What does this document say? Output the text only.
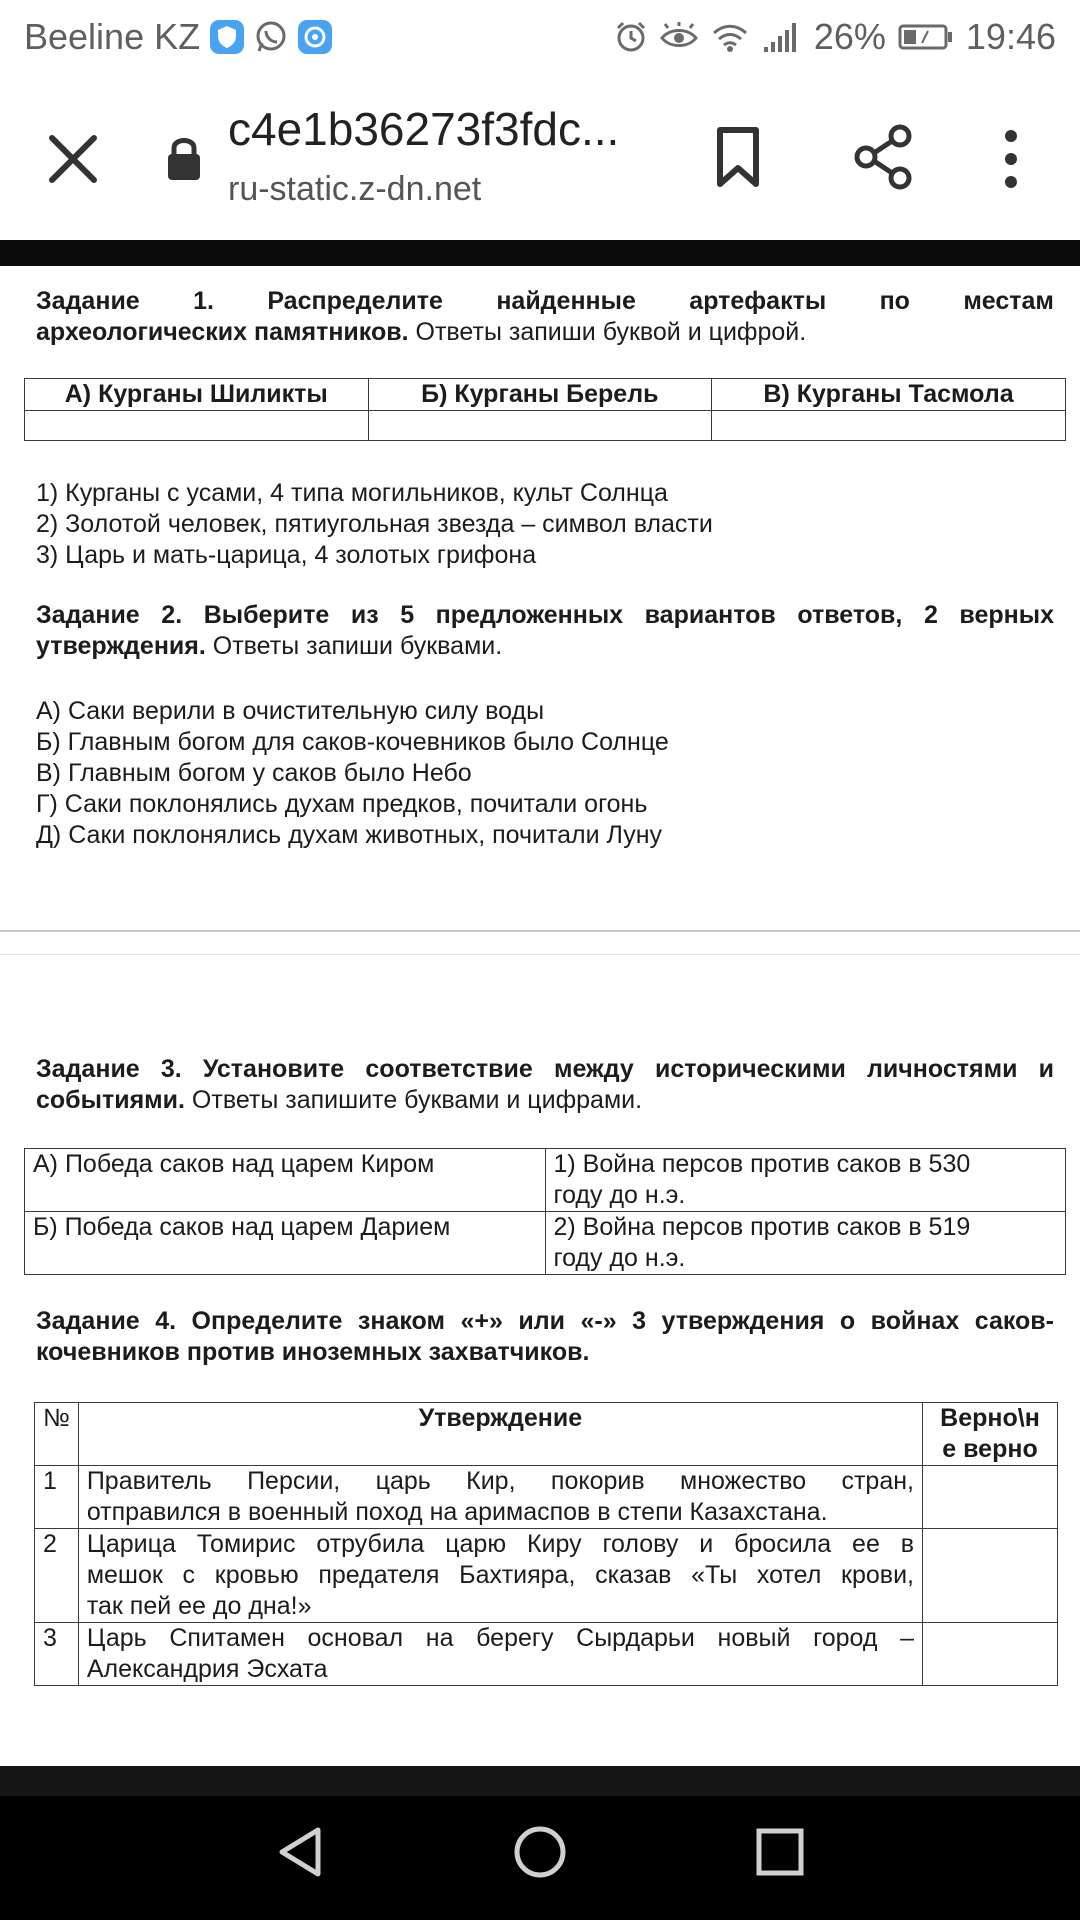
Beeline KZ	26% 19:46
c4e1b36273f3fdc...
ru-static.z-dn.net
Задание 1. Распределите найденные артефакты по местам
археологических памятников. Ответы запиши буквой и цифрой.
А) Курганы Шиликты	Б) Курганы Берель	В) Курганы Тасмола

1) Курганы с усами, 4 типа могильников, культ Солнца
2) Золотой человек, пятиугольная звезда – символ власти
3) Царь и мать-царица, 4 золотых грифона
Задание 2. Выберите из 5 предложенных вариантов ответов, 2 верных
утверждения. Ответы запиши буквами.
А) Саки верили в очистительную силу воды
Б) Главным богом для саков-кочевников было Солнце
В) Главным богом у саков было Небо
Г) Саки поклонялись духам предков, почитали огонь
Д) Саки поклонялись духам животных, почитали Луну
Задание 3. Установите соответствие между историческими личностями и
событиями. Ответы запишите буквами и цифрами.
А) Победа саков над царем Киром	1) Война персов против саков в 530
году до н.э.

Б) Победа саков над царем Дарием	2) Война персов против саков в 519
году до н.э.
Задание 4. Определите знаком «+» или «-» 3 утверждения о войнах саков-
кочевников против иноземных захватчиков.
№	Утверждение	Верно\н
е верно

1	Правитель Персии, царь Кир, покорив множество стран,
отправился в военный поход на аримаспов в степи Казахстана.	

2	Царица Томирис отрубила царю Киру голову и бросила ее в
мешок с кровью предателя Бахтияра, сказав «Ты хотел крови,
так пей ее до дна!»	

3	Царь Спитамен основал на берегу Сырдарьи новый город –
Александрия Эсхата	
